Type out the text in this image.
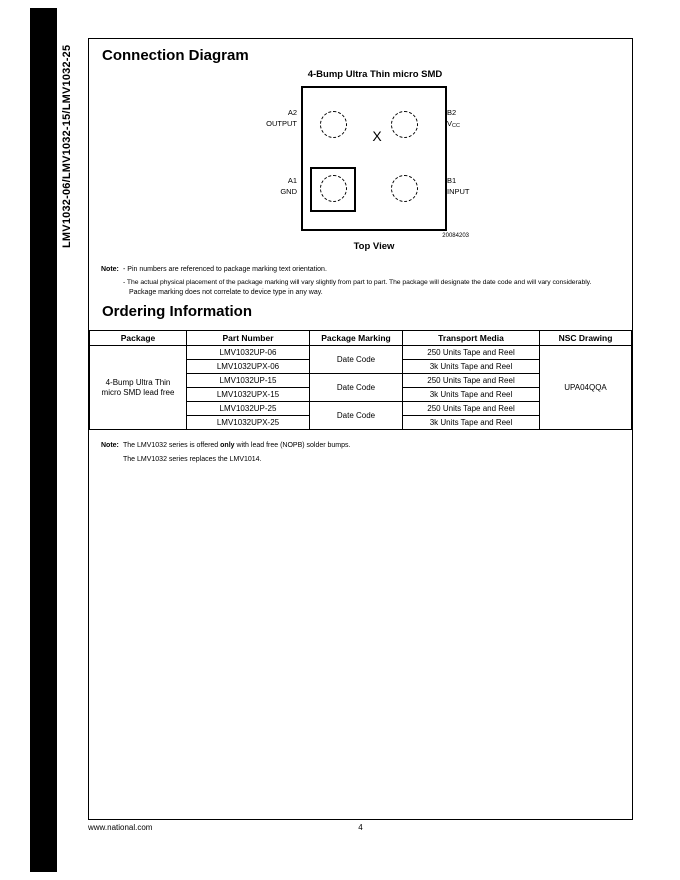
LMV1032-06/LMV1032-15/LMV1032-25 Connection Diagram
4-Bump Ultra Thin micro SMD
X
A2
OUTPUT
B2
VCC
A1
GND
B1
INPUT
20084203
Top View
Note: - Pin numbers are referenced to package marking text orientation.
- The actual physical placement of the package marking will vary slightly from part to part. The package will designate the date code and will vary considerably.
Package marking does not correlate to device type in any way.
Ordering Information
Package	Part Number	Package Marking	Transport Media	NSC Drawing

4-Bump Ultra Thin
micro SMD lead free	LMV1032UP-06	Date Code	250 Units Tape and Reel	UPA04QQA
	LMV1032UPX-06		3k Units Tape and Reel	
	LMV1032UP-15	Date Code	250 Units Tape and Reel	
	LMV1032UPX-15		3k Units Tape and Reel	
	LMV1032UP-25	Date Code	250 Units Tape and Reel	
	LMV1032UPX-25		3k Units Tape and Reel	
Note: The LMV1032 series is offered only with lead free (NOPB) solder bumps.
The LMV1032 series replaces the LMV1014.
www.national.com	4
